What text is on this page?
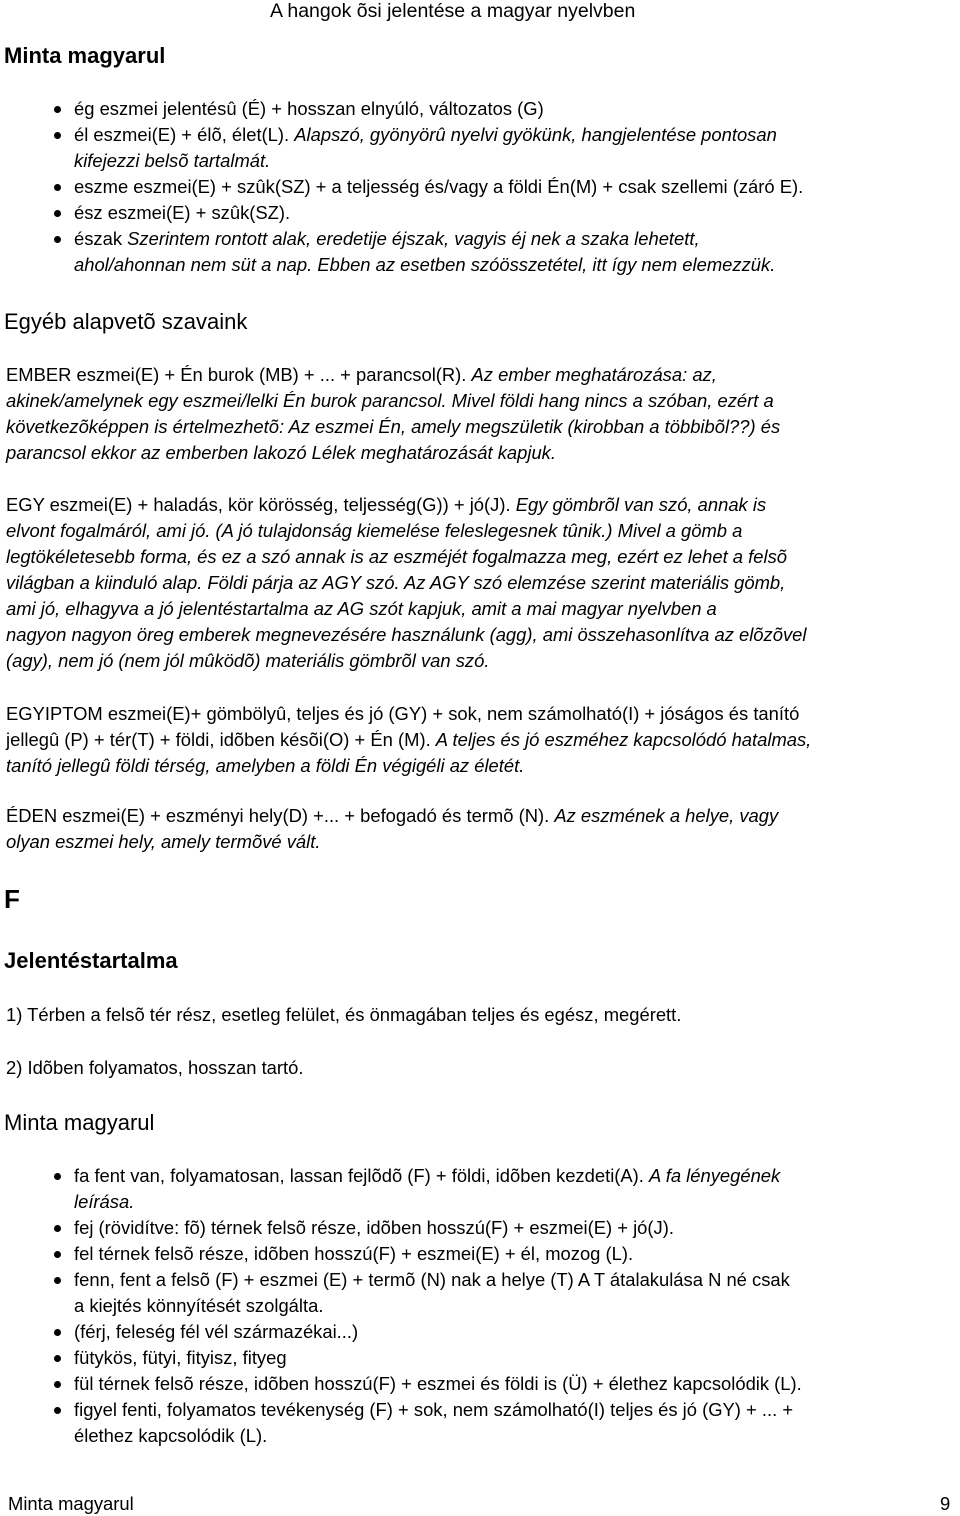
A hangok õsi jelentése a magyar nyelvben
Minta magyarul
ég eszmei jelentésû (É) + hosszan elnyúló, változatos (G)
él eszmei(E) + élõ, élet(L). Alapszó, gyönyörû nyelvi gyökünk, hangjelentése pontosan
kifejezzi belsõ tartalmát.
eszme eszmei(E) + szûk(SZ) + a teljesség és/vagy a földi Én(M) + csak szellemi (záró E).
ész eszmei(E) + szûk(SZ).
észak Szerintem rontott alak, eredetije éjszak, vagyis éj nek a szaka lehetett,
ahol/ahonnan nem süt a nap. Ebben az esetben szóösszetétel, itt így nem elemezzük.
Egyéb alapvetõ szavaink
EMBER eszmei(E) + Én burok (MB) + ... + parancsol(R). Az ember meghatározása: az,
akinek/amelynek egy eszmei/lelki Én burok parancsol. Mivel földi hang nincs a szóban, ezért a
következõképpen is értelmezhetõ: Az eszmei Én, amely megszületik (kirobban a többibõl??) és
parancsol ekkor az emberben lakozó Lélek meghatározását kapjuk.
EGY eszmei(E) + haladás, kör körösség, teljesség(G)) + jó(J). Egy gömbrõl van szó, annak is
elvont fogalmáról, ami jó. (A jó tulajdonság kiemelése feleslegesnek tûnik.) Mivel a gömb a
legtökéletesebb forma, és ez a szó annak is az eszméjét fogalmazza meg, ezért ez lehet a felsõ
világban a kiinduló alap. Földi párja az AGY szó. Az AGY szó elemzése szerint materiális gömb,
ami jó, elhagyva a jó jelentéstartalma az AG szót kapjuk, amit a mai magyar nyelvben a
nagyon nagyon öreg emberek megnevezésére használunk (agg), ami összehasonlítva az elõzõvel
(agy), nem jó (nem jól mûködõ) materiális gömbrõl van szó.
EGYIPTOM eszmei(E)+ gömbölyû, teljes és jó (GY) + sok, nem számolható(I) + jóságos és tanító
jellegû (P) + tér(T) + földi, idõben késõi(O) + Én (M). A teljes és jó eszméhez kapcsolódó hatalmas,
tanító jellegû földi térség, amelyben a földi Én végigéli az életét.
ÉDEN eszmei(E) + eszményi hely(D) +... + befogadó és termõ (N). Az eszmének a helye, vagy
olyan eszmei hely, amely termõvé vált.
F
Jelentéstartalma
1) Térben a felsõ tér rész, esetleg felület, és önmagában teljes és egész, megérett.
2) Idõben folyamatos, hosszan tartó.
Minta magyarul
fa fent van, folyamatosan, lassan fejlõdõ (F) + földi, idõben kezdeti(A). A fa lényegének
leírása.
fej (rövidítve: fõ) térnek felsõ része, idõben hosszú(F) + eszmei(E) + jó(J).
fel térnek felsõ része, idõben hosszú(F) + eszmei(E) + él, mozog (L).
fenn, fent a felsõ (F) + eszmei (E) + termõ (N) nak a helye (T) A T átalakulása N né csak
a kiejtés könnyítését szolgálta.
(férj, feleség fél vél származékai...)
fütykös, fütyi, fityisz, fityeg
fül térnek felsõ része, idõben hosszú(F) + eszmei és földi is (Ü) + élethez kapcsolódik (L).
figyel fenti, folyamatos tevékenység (F) + sok, nem számolható(I) teljes és jó (GY) + ... +
élethez kapcsolódik (L).
Minta magyarul	9
